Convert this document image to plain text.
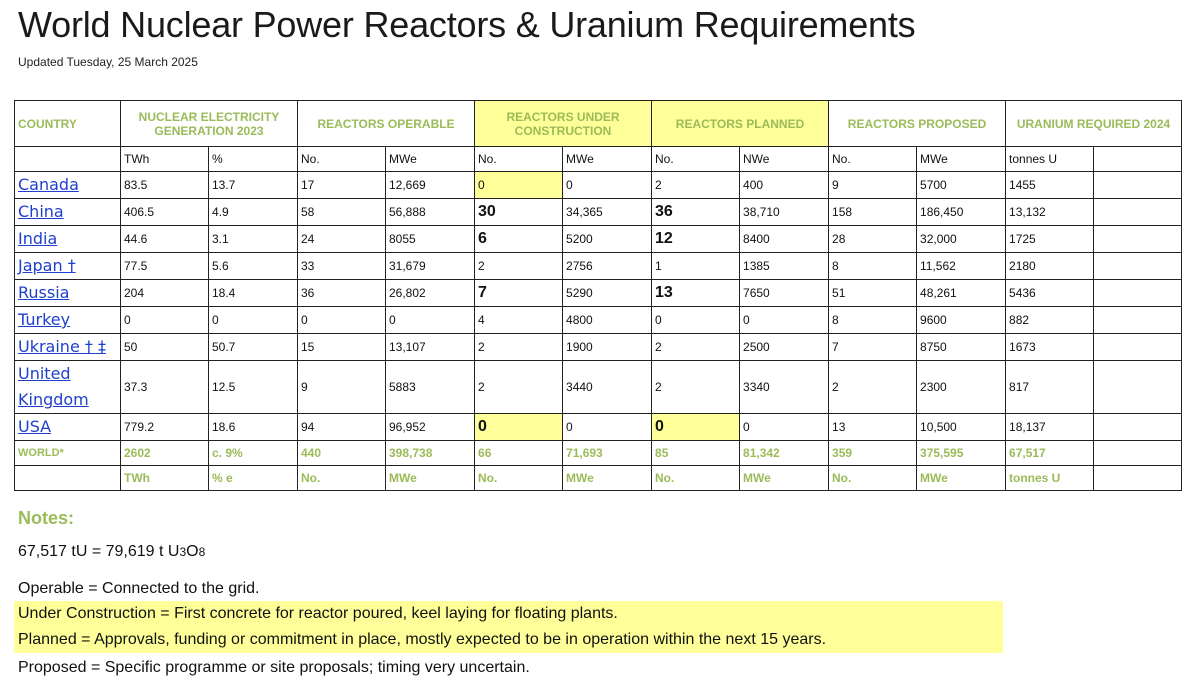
World Nuclear Power Reactors & Uranium Requirements
Updated Tuesday, 25 March 2025
COUNTRY	NUCLEAR ELECTRICITY GENERATION 2023		REACTORS OPERABLE		REACTORS UNDER CONSTRUCTION		REACTORS PLANNED		REACTORS PROPOSED		URANIUM REQUIRED 2024	
	TWh	%	No.	MWe	No.	MWe	No.	NWe	No.	MWe	tonnes U	
Canada	83.5	13.7	17	12,669	0	0	2	400	9	5700	1455	
China	406.5	4.9	58	56,888	30	34,365	36	38,710	158	186,450	13,132	
India	44.6	3.1	24	8055	6	5200	12	8400	28	32,000	1725	
Japan †	77.5	5.6	33	31,679	2	2756	1	1385	8	11,562	2180	
Russia	204	18.4	36	26,802	7	5290	13	7650	51	48,261	5436	
Turkey	0	0	0	0	4	4800	0	0	8	9600	882	
Ukraine † ‡	50	50.7	15	13,107	2	1900	2	2500	7	8750	1673	
United
Kingdom	37.3	12.5	9	5883	2	3440	2	3340	2	2300	817	
USA	779.2	18.6	94	96,952	0	0	0	0	13	10,500	18,137	
WORLD*	2602	c. 9%	440	398,738	66	71,693	85	81,342	359	375,595	67,517	
	TWh	% e	No.	MWe	No.	MWe	No.	MWe	No.	MWe	tonnes U	
Notes:
67,517 tU = 79,619 t U3O8
Operable = Connected to the grid.
Under Construction = First concrete for reactor poured, keel laying for floating plants.
Planned = Approvals, funding or commitment in place, mostly expected to be in operation within the next 15 years.
Proposed = Specific programme or site proposals; timing very uncertain.
